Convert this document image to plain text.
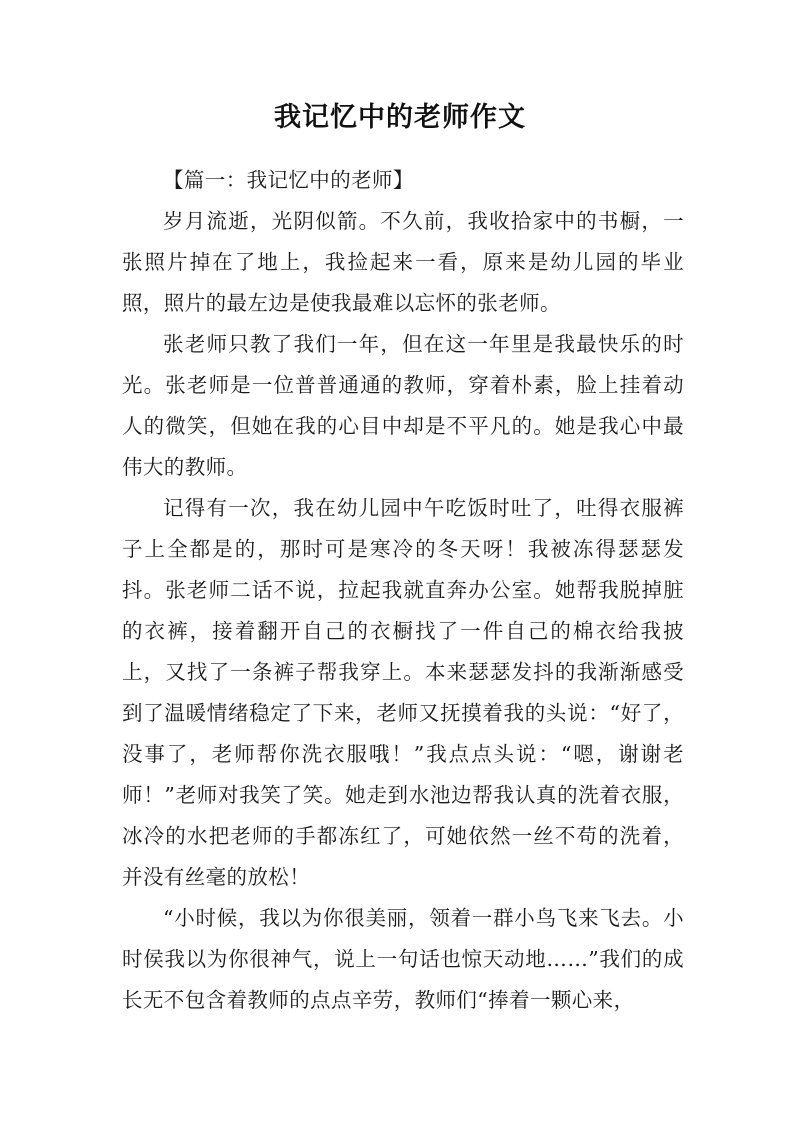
我记忆中的老师作文

【篇一：我记忆中的老师】

岁月流逝，光阴似箭。不久前，我收拾家中的书橱，一张照片掉在了地上，我捡起来一看，原来是幼儿园的毕业照，照片的最左边是使我最难以忘怀的张老师。

张老师只教了我们一年，但在这一年里是我最快乐的时光。张老师是一位普普通通的教师，穿着朴素，脸上挂着动人的微笑，但她在我的心目中却是不平凡的。她是我心中最伟大的教师。

记得有一次，我在幼儿园中午吃饭时吐了，吐得衣服裤子上全都是的，那时可是寒冷的冬天呀！我被冻得瑟瑟发抖。张老师二话不说，拉起我就直奔办公室。她帮我脱掉脏的衣裤，接着翻开自己的衣橱找了一件自己的棉衣给我披上，又找了一条裤子帮我穿上。本来瑟瑟发抖的我渐渐感受到了温暖情绪稳定了下来，老师又抚摸着我的头说：“好了，没事了，老师帮你洗衣服哦！”我点点头说：“嗯，谢谢老师！”老师对我笑了笑。她走到水池边帮我认真的洗着衣服，冰冷的水把老师的手都冻红了，可她依然一丝不苟的洗着，并没有丝毫的放松！

“小时候，我以为你很美丽，领着一群小鸟飞来飞去。小时侯我以为你很神气，说上一句话也惊天动地……”我们的成长无不包含着教师的点点辛劳，教师们“捧着一颗心来，
